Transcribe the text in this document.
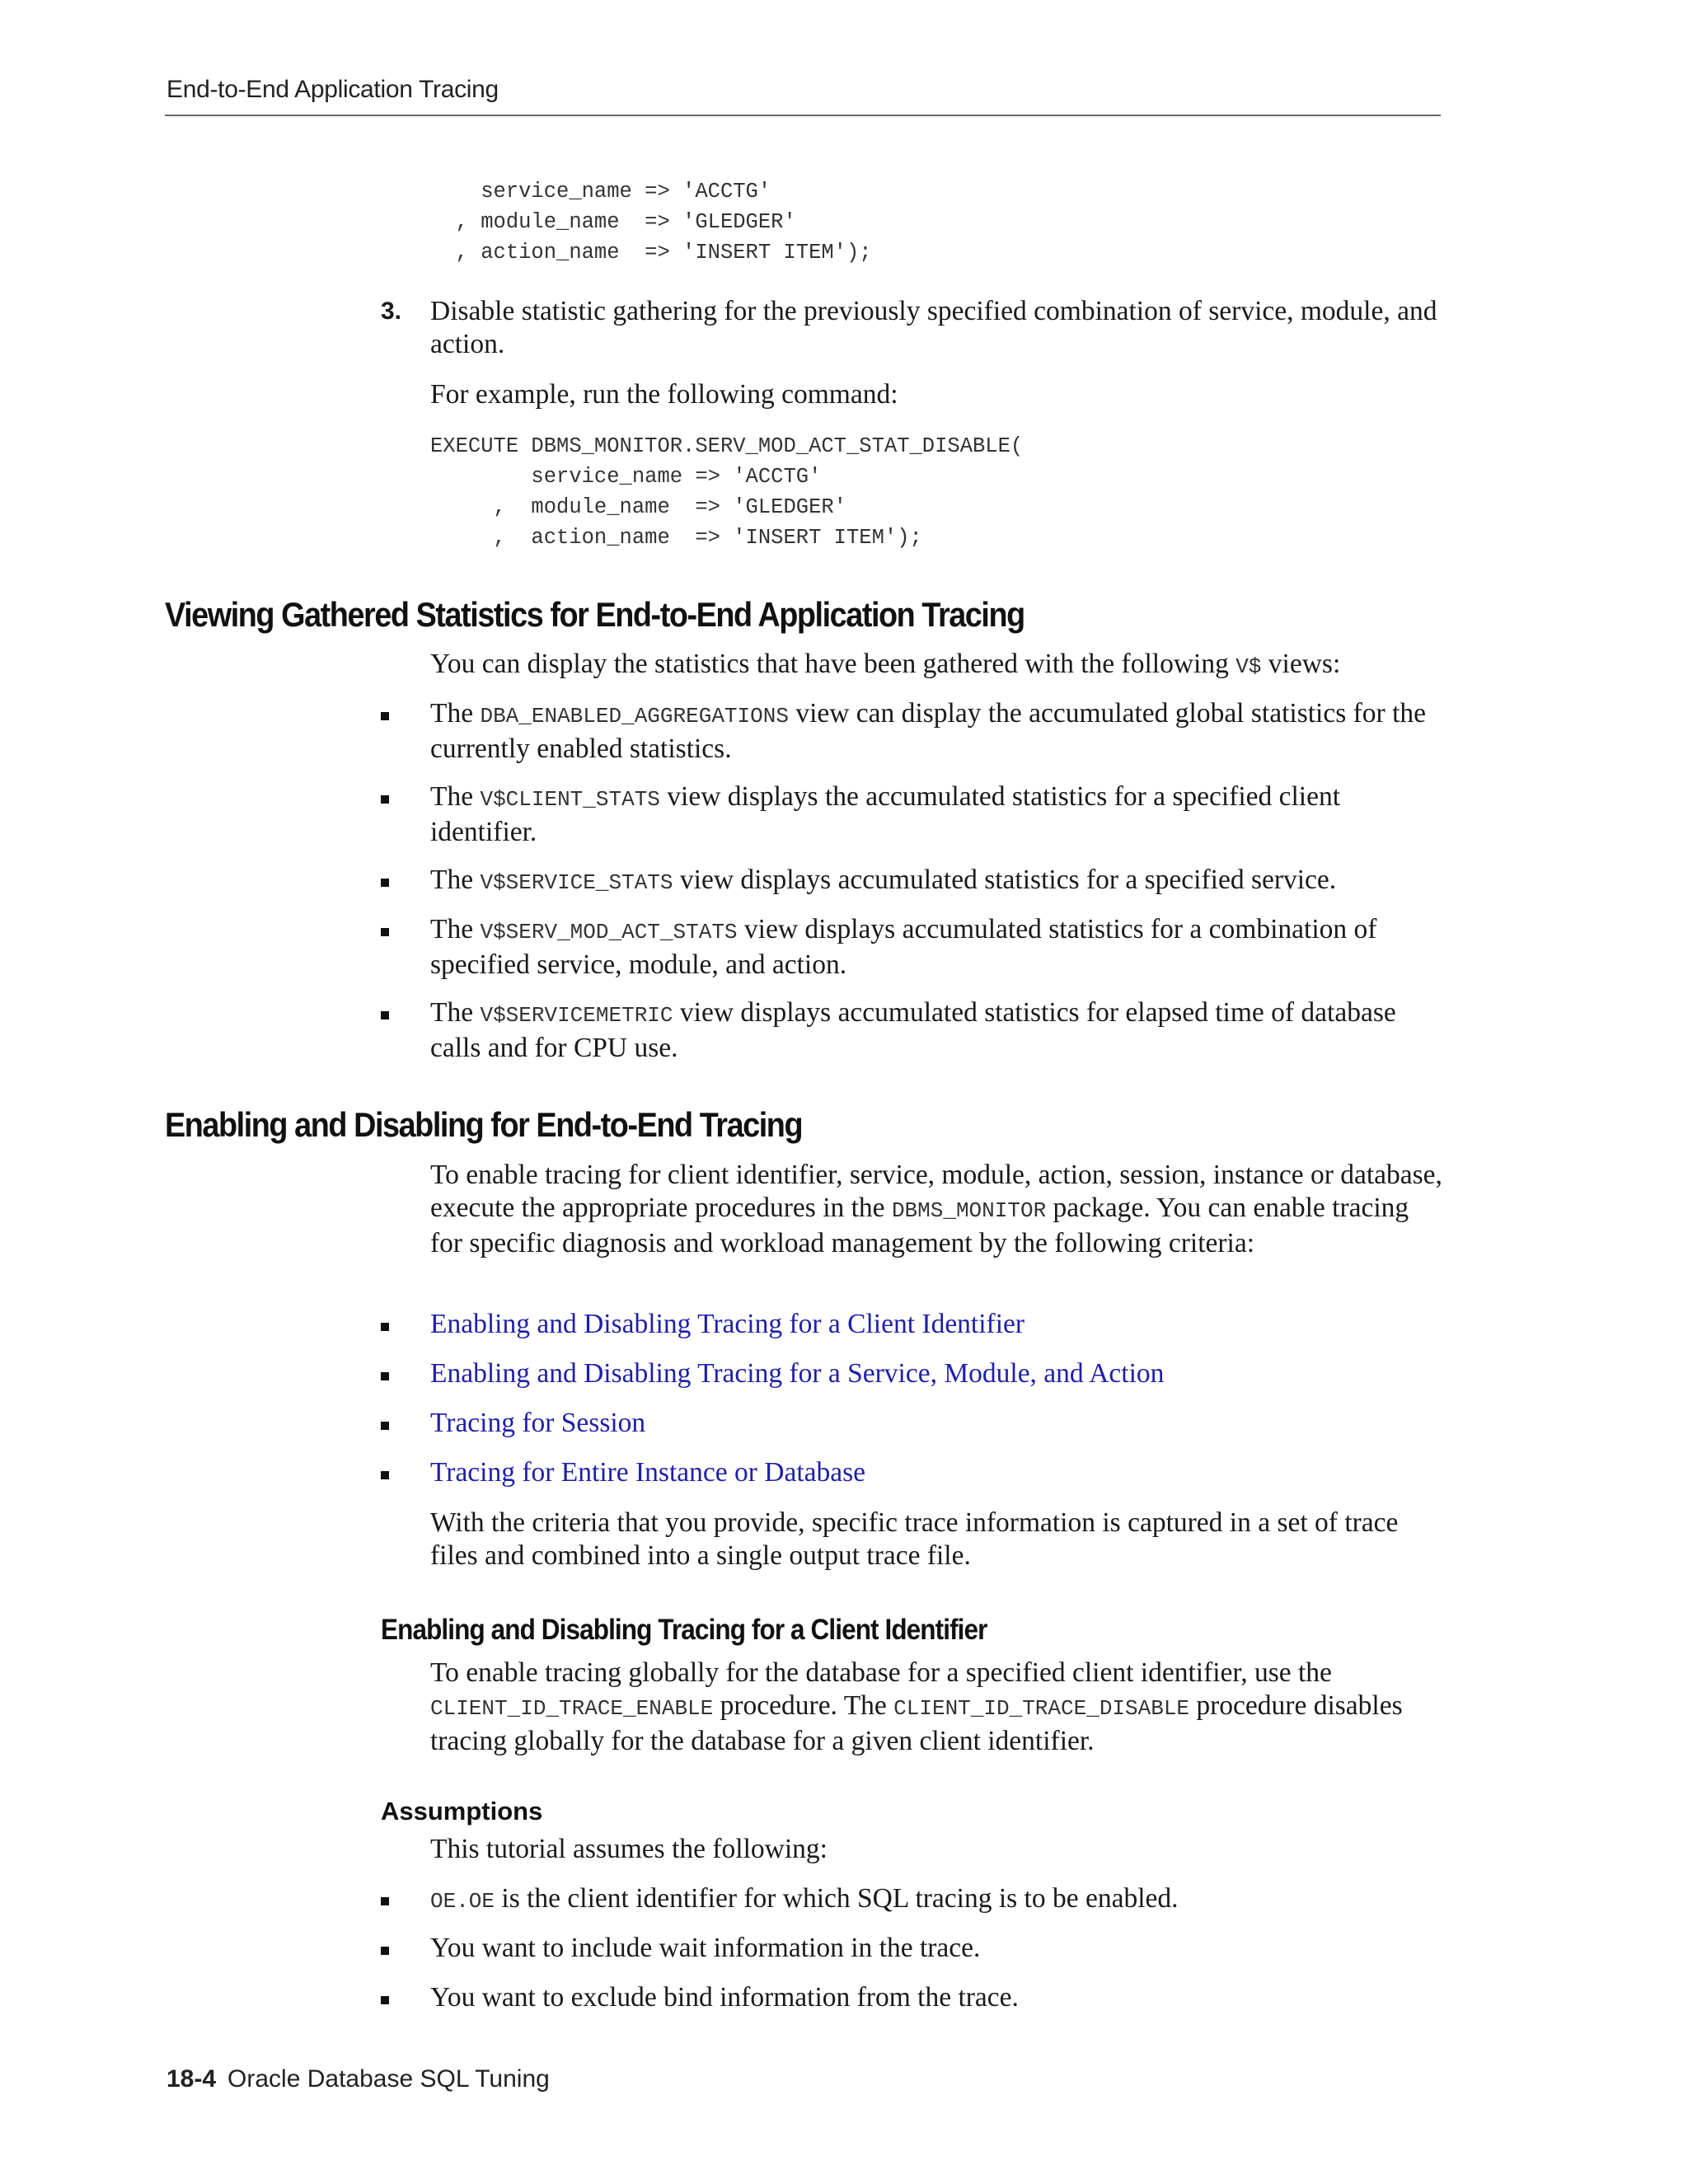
End-to-End Application Tracing
service_name => 'ACCTG'
, module_name  => 'GLEDGER'
, action_name  => 'INSERT ITEM');
3. Disable statistic gathering for the previously specified combination of service, module, and action.

For example, run the following command:

EXECUTE DBMS_MONITOR.SERV_MOD_ACT_STAT_DISABLE(
service_name => 'ACCTG'
,  module_name  => 'GLEDGER'
,  action_name  => 'INSERT ITEM');
Viewing Gathered Statistics for End-to-End Application Tracing

You can display the statistics that have been gathered with the following V$ views:

The DBA_ENABLED_AGGREGATIONS view can display the accumulated global statistics for the currently enabled statistics.

The V$CLIENT_STATS view displays the accumulated statistics for a specified client identifier.

The V$SERVICE_STATS view displays accumulated statistics for a specified service.

The V$SERV_MOD_ACT_STATS view displays accumulated statistics for a combination of specified service, module, and action.

The V$SERVICEMETRIC view displays accumulated statistics for elapsed time of database calls and for CPU use.

Enabling and Disabling for End-to-End Tracing

To enable tracing for client identifier, service, module, action, session, instance or database, execute the appropriate procedures in the DBMS_MONITOR package. You can enable tracing for specific diagnosis and workload management by the following criteria:

Enabling and Disabling Tracing for a Client Identifier

Enabling and Disabling Tracing for a Service, Module, and Action

Tracing for Session

Tracing for Entire Instance or Database

With the criteria that you provide, specific trace information is captured in a set of trace files and combined into a single output trace file.

Enabling and Disabling Tracing for a Client Identifier

To enable tracing globally for the database for a specified client identifier, use the CLIENT_ID_TRACE_ENABLE procedure. The CLIENT_ID_TRACE_DISABLE procedure disables tracing globally for the database for a given client identifier.

Assumptions

This tutorial assumes the following:

OE.OE is the client identifier for which SQL tracing is to be enabled.

You want to include wait information in the trace.

You want to exclude bind information from the trace.

18-4 Oracle Database SQL Tuning
